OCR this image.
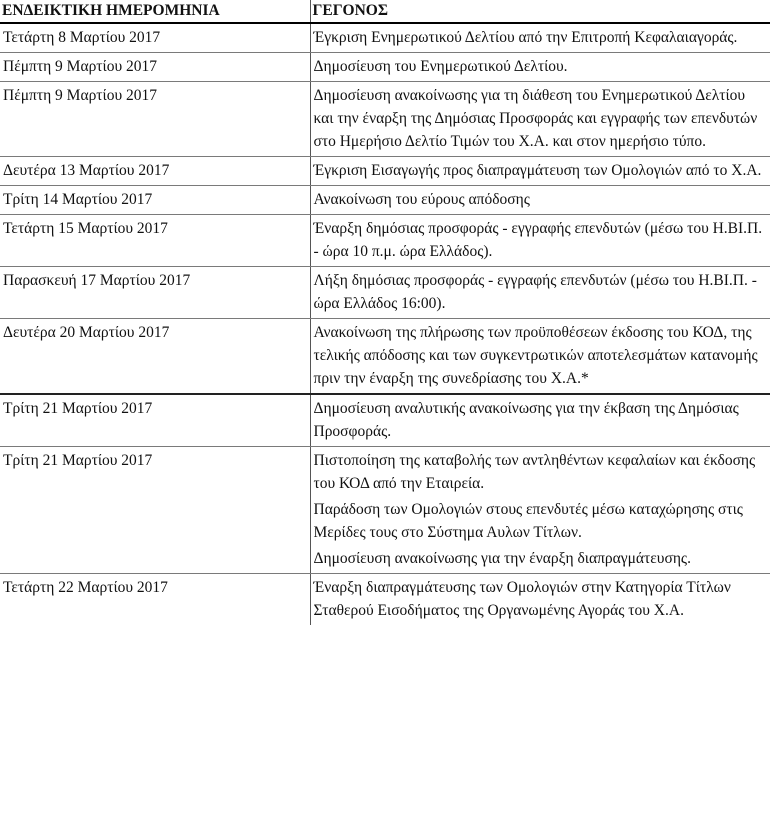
ΕΝΔΕΙΚΤΙΚΗ ΗΜΕΡΟΜΗΝΙΑ	ΓΕΓΟΝΟΣ
Τετάρτη 8 Μαρτίου 2017	Έγκριση Ενημερωτικού Δελτίου από την Επιτροπή Κεφαλαιαγοράς.

Πέμπτη 9 Μαρτίου 2017	Δημοσίευση του Ενημερωτικού Δελτίου.

Πέμπτη 9 Μαρτίου 2017	Δημοσίευση ανακοίνωσης για τη διάθεση του Ενημερωτικού Δελτίου και την έναρξη της Δημόσιας Προσφοράς και εγγραφής των επενδυτών στο Ημερήσιο Δελτίο Τιμών του Χ.Α. και στον ημερήσιο τύπο.

Δευτέρα 13 Μαρτίου 2017	Έγκριση Εισαγωγής προς διαπραγμάτευση των Ομολογιών από το Χ.Α.

Τρίτη 14 Μαρτίου 2017	Ανακοίνωση του εύρους απόδοσης

Τετάρτη 15 Μαρτίου 2017	Έναρξη δημόσιας προσφοράς - εγγραφής επενδυτών (μέσω του Η.ΒΙ.Π. - ώρα 10 π.μ. ώρα Ελλάδος).

Παρασκευή 17 Μαρτίου 2017	Λήξη δημόσιας προσφοράς - εγγραφής επενδυτών (μέσω του Η.ΒΙ.Π. - ώρα Ελλάδος 16:00).

Δευτέρα 20 Μαρτίου 2017	Ανακοίνωση της πλήρωσης των προϋποθέσεων έκδοσης του ΚΟΔ, της τελικής απόδοσης και των συγκεντρωτικών αποτελεσμάτων κατανομής πριν την έναρξη της συνεδρίασης του Χ.Α.*

Τρίτη 21 Μαρτίου 2017	Δημοσίευση αναλυτικής ανακοίνωσης για την έκβαση της Δημόσιας Προσφοράς.

Τρίτη 21 Μαρτίου 2017	Πιστοποίηση της καταβολής των αντληθέντων κεφαλαίων και έκδοσης του ΚΟΔ από την Εταιρεία.

Παράδοση των Ομολογιών στους επενδυτές μέσω καταχώρησης στις Μερίδες τους στο Σύστημα Αυλων Τίτλων.

Δημοσίευση ανακοίνωσης για την έναρξη διαπραγμάτευσης.

Τετάρτη 22 Μαρτίου 2017	Έναρξη διαπραγμάτευσης των Ομολογιών στην Κατηγορία Τίτλων Σταθερού Εισοδήματος της Οργανωμένης Αγοράς του Χ.Α.
